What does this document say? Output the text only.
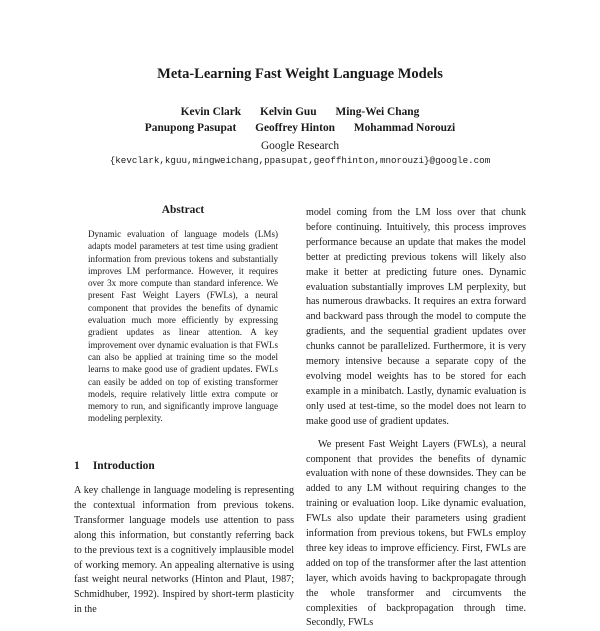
Meta-Learning Fast Weight Language Models
Kevin Clark Kelvin Guu Ming-Wei Chang
Panupong Pasupat Geoffrey Hinton Mohammad Norouzi
Google Research
{kevclark,kguu,mingweichang,ppasupat,geoffhinton,mnorouzi}@google.com
Abstract

Dynamic evaluation of language models (LMs) adapts model parameters at test time using gradient information from previous tokens and substantially improves LM performance. However, it requires over 3x more compute than standard inference. We present Fast Weight Layers (FWLs), a neural component that provides the benefits of dynamic evaluation much more efficiently by expressing gradient updates as linear attention. A key improvement over dynamic evaluation is that FWLs can also be applied at training time so the model learns to make good use of gradient updates. FWLs can easily be added on top of existing transformer models, require relatively little extra compute or memory to run, and significantly improve language modeling perplexity.

1 Introduction

A key challenge in language modeling is representing the contextual information from previous tokens. Transformer language models use attention to pass along this information, but constantly referring back to the previous text is a cognitively implausible model of working memory. An appealing alternative is using fast weight neural networks (Hinton and Plaut, 1987; Schmidhuber, 1992). Inspired by short-term plasticity in the

model coming from the LM loss over that chunk before continuing. Intuitively, this process improves performance because an update that makes the model better at predicting previous tokens will likely also make it better at predicting future ones. Dynamic evaluation substantially improves LM perplexity, but has numerous drawbacks. It requires an extra forward and backward pass through the model to compute the gradients, and the sequential gradient updates over chunks cannot be parallelized. Furthermore, it is very memory intensive because a separate copy of the evolving model weights has to be stored for each example in a minibatch. Lastly, dynamic evaluation is only used at test-time, so the model does not learn to make good use of gradient updates.

We present Fast Weight Layers (FWLs), a neural component that provides the benefits of dynamic evaluation with none of these downsides. They can be added to any LM without requiring changes to the training or evaluation loop. Like dynamic evaluation, FWLs also update their parameters using gradient information from previous tokens, but FWLs employ three key ideas to improve efficiency. First, FWLs are added on top of the transformer after the last attention layer, which avoids having to backpropagate through the whole transformer and circumvents the complexities of backpropagation through time. Secondly, FWLs
